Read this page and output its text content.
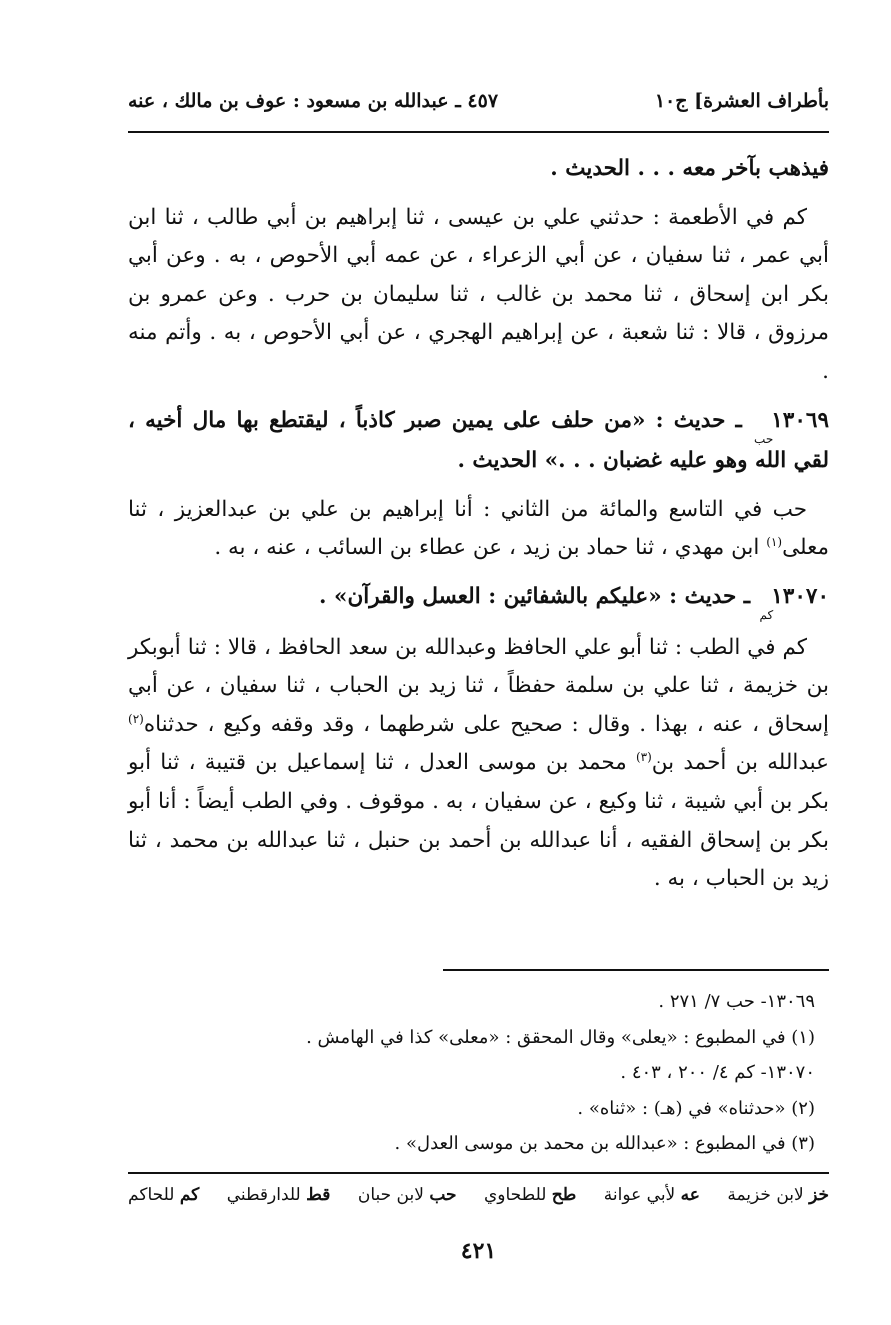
بأطراف العشرة] ج١٠
٤٥٧ ـ عبدالله بن مسعود : عوف بن مالك ، عنه

فيذهب بآخر معه . . . الحديث .

كم في الأطعمة : حدثني علي بن عيسى ، ثنا إبراهيم بن أبي طالب ، ثنا ابن أبي عمر ، ثنا سفيان ، عن أبي الزعراء ، عن عمه أبي الأحوص ، به . وعن أبي بكر ابن إسحاق ، ثنا محمد بن غالب ، ثنا سليمان بن حرب . وعن عمرو بن مرزوق ، قالا : ثنا شعبة ، عن إبراهيم الهجري ، عن أبي الأحوص ، به . وأتم منه .

١٣٠٦٩حب ـ حديث : «من حلف على يمين صبر كاذباً ، ليقتطع بها مال أخيه ، لقي الله وهو عليه غضبان . . .» الحديث .

حب في التاسع والمائة من الثاني : أنا إبراهيم بن علي بن عبدالعزيز ، ثنا معلى$^{(١)}$ ابن مهدي ، ثنا حماد بن زيد ، عن عطاء بن السائب ، عنه ، به .

١٣٠٧٠كم ـ حديث : «عليكم بالشفائين : العسل والقرآن» .

كم في الطب : ثنا أبو علي الحافظ وعبدالله بن سعد الحافظ ، قالا : ثنا أبوبكر بن خزيمة ، ثنا علي بن سلمة حفظاً ، ثنا زيد بن الحباب ، ثنا سفيان ، عن أبي إسحاق ، عنه ، بهذا . وقال : صحيح على شرطهما ، وقد وقفه وكيع ، حدثناه$^{(٢)}$ عبدالله بن أحمد بن$^{(٣)}$ محمد بن موسى العدل ، ثنا إسماعيل بن قتيبة ، ثنا أبو بكر بن أبي شيبة ، ثنا وكيع ، عن سفيان ، به . موقوف . وفي الطب أيضاً : أنا أبو بكر بن إسحاق الفقيه ، أنا عبدالله بن أحمد بن حنبل ، ثنا عبدالله بن محمد ، ثنا زيد بن الحباب ، به .

١٣٠٦٩- حب ٧/ ٢٧١ .

(١) في المطبوع : «يعلى» وقال المحقق : «معلى» كذا في الهامش .

١٣٠٧٠- كم ٤/ ٢٠٠ ، ٤٠٣ .

(٢) «حدثناه» في (هـ) : «ثناه» .

(٣) في المطبوع : «عبدالله بن محمد بن موسى العدل» .

خز لابن خزيمة
عه لأبي عوانة
طح للطحاوي
حب لابن حبان
قط للدارقطني
كم للحاكم
٤٢١
